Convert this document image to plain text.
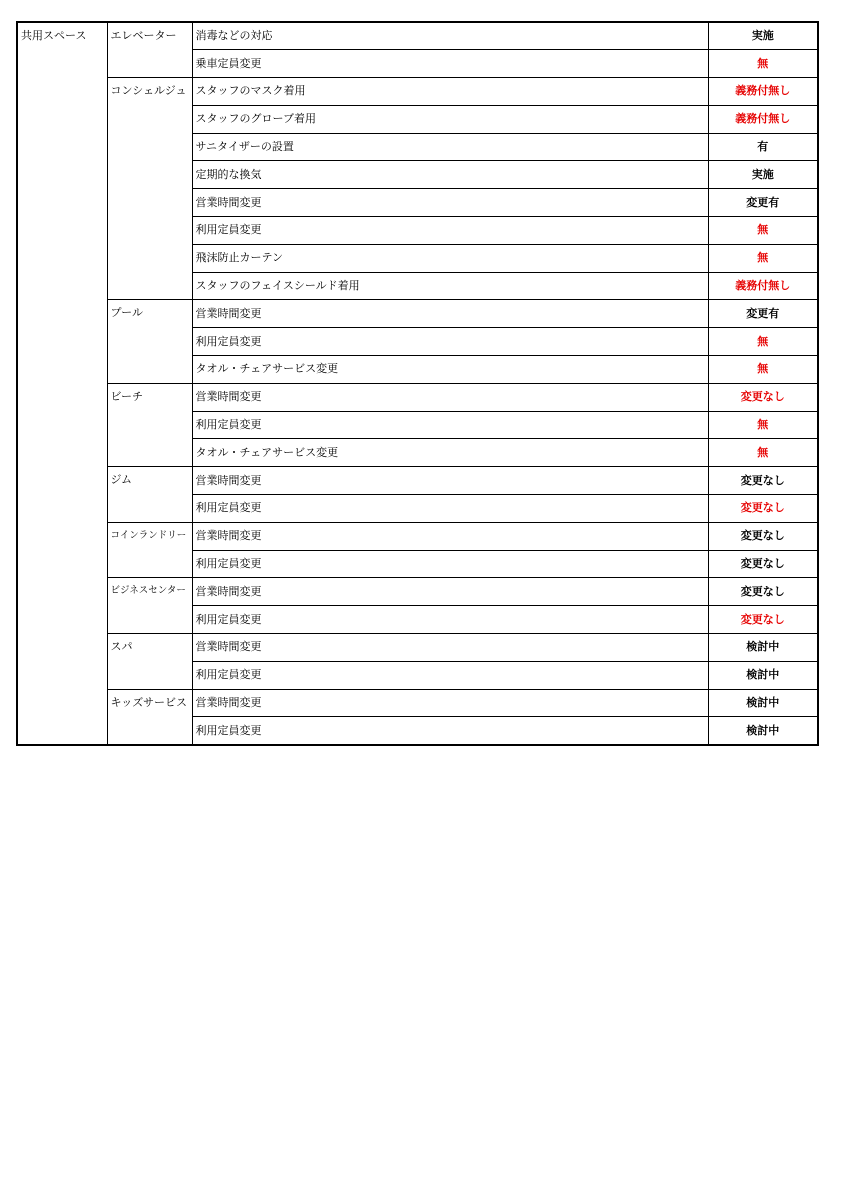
共用スペース	エレベーター	消毒などの対応	実施
		乗車定員変更	無
	コンシェルジュ	スタッフのマスク着用	義務付無し
		スタッフのグローブ着用	義務付無し
		サニタイザーの設置	有
		定期的な換気	実施
		営業時間変更	変更有
		利用定員変更	無
		飛沫防止カーテン	無
		スタッフのフェイスシールド着用	義務付無し
	プール	営業時間変更	変更有
		利用定員変更	無
		タオル・チェアサービス変更	無
	ビーチ	営業時間変更	変更なし
		利用定員変更	無
		タオル・チェアサービス変更	無
	ジム	営業時間変更	変更なし
		利用定員変更	変更なし
	コインランドリー	営業時間変更	変更なし
		利用定員変更	変更なし
	ビジネスセンター	営業時間変更	変更なし
		利用定員変更	変更なし
	スパ	営業時間変更	検討中
		利用定員変更	検討中
	キッズサービス	営業時間変更	検討中
		利用定員変更	検討中
